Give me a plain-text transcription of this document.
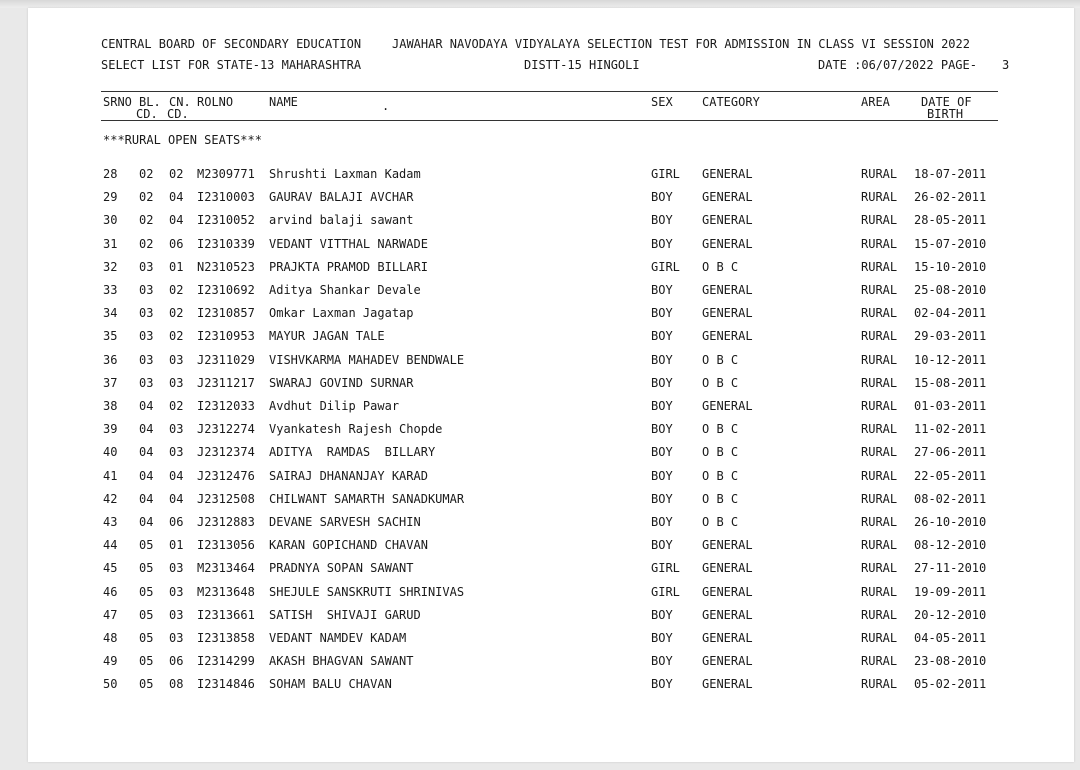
CENTRAL BOARD OF SECONDARY EDUCATION	JAWAHAR NAVODAYA VIDYALAYA SELECTION TEST FOR ADMISSION IN CLASS VI SESSION 2022
SELECT LIST FOR STATE-13 MAHARASHTRA	DISTT-15 HINGOLI	DATE :06/07/2022 PAGE- 3
SRNO BL.
CD.
CN.
CD.
ROLNO	NAME	.	SEX CATEGORY	AREA	DATE OF
BIRTH
***RURAL OPEN SEATS***
28 02 02 M2309771 Shrushti Laxman Kadam	GIRL GENERAL	RURAL 18-07-2011
29 02 04 I2310003 GAURAV BALAJI AVCHAR	BOY GENERAL	RURAL 26-02-2011
30 02 04 I2310052 arvind balaji sawant	BOY GENERAL	RURAL 28-05-2011
31 02 06 I2310339 VEDANT VITTHAL NARWADE	BOY GENERAL	RURAL 15-07-2010
32 03 01 N2310523 PRAJKTA PRAMOD BILLARI	GIRL O B C	RURAL 15-10-2010
33 03 02 I2310692 Aditya Shankar Devale	BOY GENERAL	RURAL 25-08-2010
34 03 02 I2310857 Omkar Laxman Jagatap	BOY GENERAL	RURAL 02-04-2011
35 03 02 I2310953 MAYUR JAGAN TALE	BOY GENERAL	RURAL 29-03-2011
36 03 03 J2311029 VISHVKARMA MAHADEV BENDWALE	BOY O B C	RURAL 10-12-2011
37 03 03 J2311217 SWARAJ GOVIND SURNAR	BOY O B C	RURAL 15-08-2011
38 04 02 I2312033 Avdhut Dilip Pawar	BOY GENERAL	RURAL 01-03-2011
39 04 03 J2312274 Vyankatesh Rajesh Chopde	BOY O B C	RURAL 11-02-2011
40 04 03 J2312374 ADITYA  RAMDAS  BILLARY	BOY O B C	RURAL 27-06-2011
41 04 04 J2312476 SAIRAJ DHANANJAY KARAD	BOY O B C	RURAL 22-05-2011
42 04 04 J2312508 CHILWANT SAMARTH SANADKUMAR	BOY O B C	RURAL 08-02-2011
43 04 06 J2312883 DEVANE SARVESH SACHIN	BOY O B C	RURAL 26-10-2010
44 05 01 I2313056 KARAN GOPICHAND CHAVAN	BOY GENERAL	RURAL 08-12-2010
45 05 03 M2313464 PRADNYA SOPAN SAWANT	GIRL GENERAL	RURAL 27-11-2010
46 05 03 M2313648 SHEJULE SANSKRUTI SHRINIVAS	GIRL GENERAL	RURAL 19-09-2011
47 05 03 I2313661 SATISH  SHIVAJI GARUD	BOY GENERAL	RURAL 20-12-2010
48 05 03 I2313858 VEDANT NAMDEV KADAM	BOY GENERAL	RURAL 04-05-2011
49 05 06 I2314299 AKASH BHAGVAN SAWANT	BOY GENERAL	RURAL 23-08-2010
50 05 08 I2314846 SOHAM BALU CHAVAN	BOY GENERAL	RURAL 05-02-2011
